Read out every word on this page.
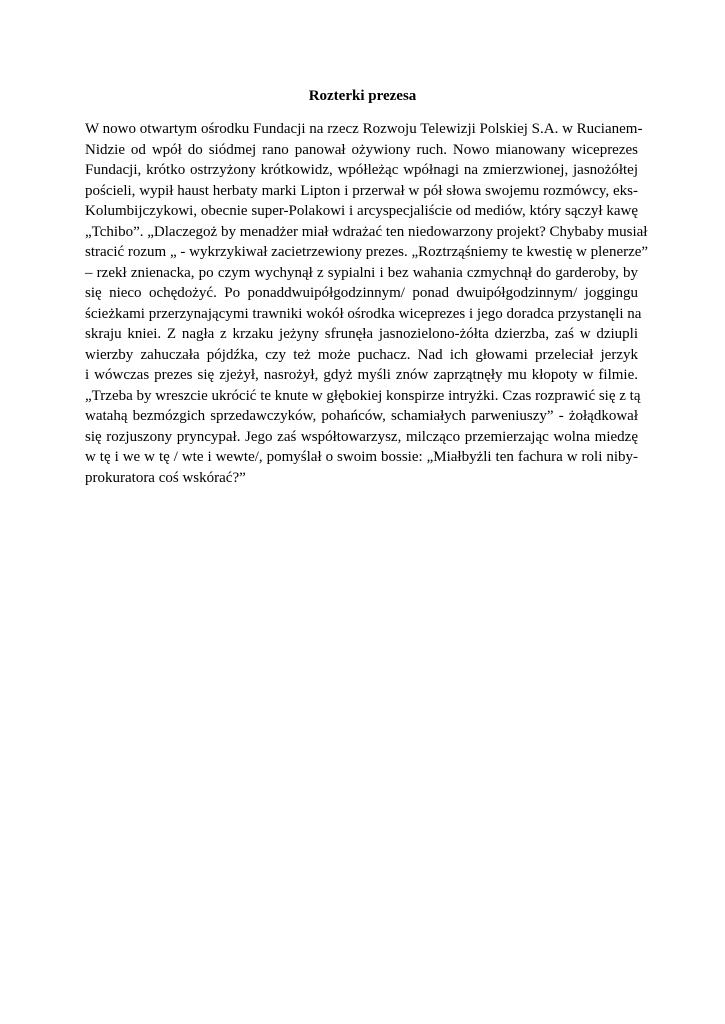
Rozterki prezesa
W nowo otwartym ośrodku Fundacji na rzecz Rozwoju Telewizji Polskiej S.A. w Rucianem-
Nidzie od wpół do siódmej rano panował ożywiony ruch. Nowo mianowany wiceprezes
Fundacji, krótko ostrzyżony krótkowidz, wpółleżąc wpółnagi na zmierzwionej, jasnożółtej
pościeli, wypił haust herbaty marki Lipton i przerwał w pół słowa swojemu rozmówcy, eks-
Kolumbijczykowi, obecnie super-Polakowi i arcyspecjaliście od mediów, który sączył kawę
„Tchibo”. „Dlaczegoż by menadżer miał wdrażać ten niedowarzony projekt? Chybaby musiał
stracić rozum „ - wykrzykiwał zacietrzewiony prezes. „Roztrząśniemy te kwestię w plenerze”
– rzekł znienacka, po czym wychynął z sypialni i bez wahania czmychnął do garderoby, by
się nieco ochędożyć. Po ponaddwuipółgodzinnym/ ponad dwuipółgodzinnym/ joggingu
ścieżkami przerzynającymi trawniki wokół ośrodka wiceprezes i jego doradca przystanęli na
skraju kniei. Z nagła z krzaku jeżyny sfrunęła jasnozielono-żółta dzierzba, zaś w dziupli
wierzby zahuczała pójdźka, czy też może puchacz. Nad ich głowami przeleciał jerzyk
i wówczas prezes się zjeżył, nasrożył, gdyż myśli znów zaprzątnęły mu kłopoty w filmie.
„Trzeba by wreszcie ukrócić te knute w głębokiej konspirze intryżki. Czas rozprawić się z tą
watahą bezmózgich sprzedawczyków, pohańców, schamiałych parweniuszy” - żołądkował
się rozjuszony pryncypał. Jego zaś współtowarzysz, milcząco przemierzając wolna miedzę
w tę i we w tę / wte i wewte/, pomyślał o swoim bossie: „Miałbyżli ten fachura w roli niby-
prokuratora coś wskórać?”
